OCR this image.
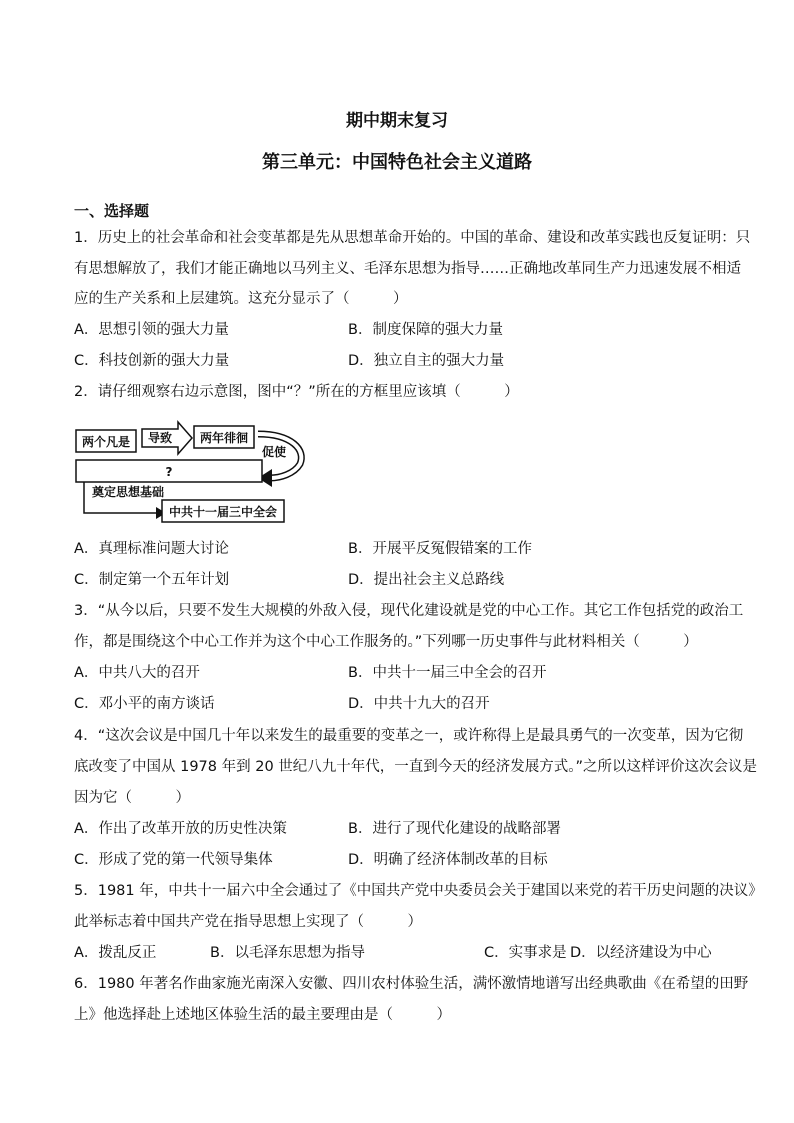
期中期末复习
第三单元：中国特色社会主义道路
一、选择题
1．历史上的社会革命和社会变革都是先从思想革命开始的。中国的革命、建设和改革实践也反复证明：只
有思想解放了，我们才能正确地以马列主义、毛泽东思想为指导……正确地改革同生产力迅速发展不相适
应的生产关系和上层建筑。这充分显示了（　　　）
A．思想引领的强大力量	B．制度保障的强大力量
C．科技创新的强大力量	D．独立自主的强大力量
2．请仔细观察右边示意图，图中“？”所在的方框里应该填（　　　）
两个凡是 导致 两年徘徊
促使
?
奠定思想基础
中共十一届三中全会
A．真理标准问题大讨论	B．开展平反冤假错案的工作
C．制定第一个五年计划	D．提出社会主义总路线
3．“从今以后，只要不发生大规模的外敌入侵，现代化建设就是党的中心工作。其它工作包括党的政治工
作，都是围绕这个中心工作并为这个中心工作服务的。”下列哪一历史事件与此材料相关（　　　）
A．中共八大的召开	B．中共十一届三中全会的召开
C．邓小平的南方谈话	D．中共十九大的召开
4．“这次会议是中国几十年以来发生的最重要的变革之一，或许称得上是最具勇气的一次变革，因为它彻
底改变了中国从 1978 年到 20 世纪八九十年代，一直到今天的经济发展方式。”之所以这样评价这次会议是
因为它（　　　）
A．作出了改革开放的历史性决策	B．进行了现代化建设的战略部署
C．形成了党的第一代领导集体	D．明确了经济体制改革的目标
5．1981 年，中共十一届六中全会通过了《中国共产党中央委员会关于建国以来党的若干历史问题的决议》
此举标志着中国共产党在指导思想上实现了（　　　）
A．拨乱反正	B．以毛泽东思想为指导	C．实事求是 D．以经济建设为中心
6．1980 年著名作曲家施光南深入安徽、四川农村体验生活，满怀激情地谱写出经典歌曲《在希望的田野
上》他选择赴上述地区体验生活的最主要理由是（　　　）
